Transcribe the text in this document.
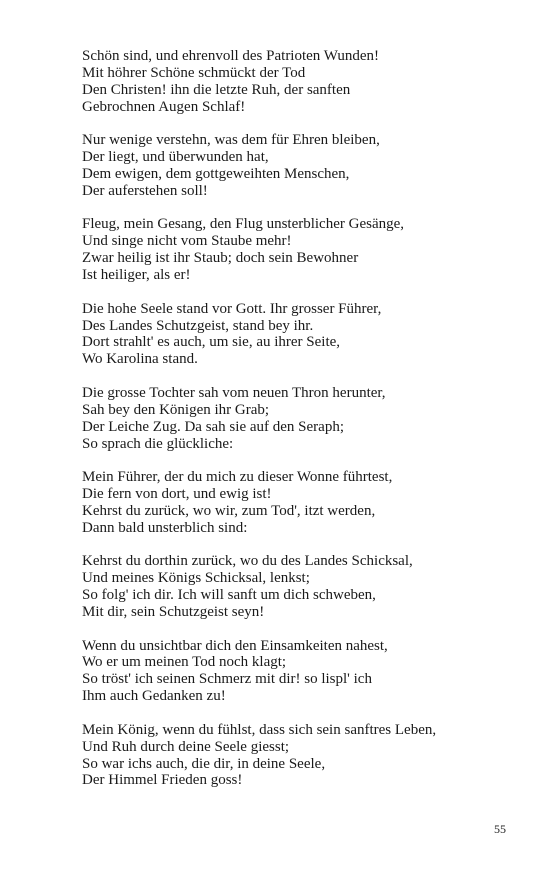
Schön sind, und ehrenvoll des Patrioten Wunden!
Mit höhrer Schöne schmückt der Tod
Den Christen! ihn die letzte Ruh, der sanften
Gebrochnen Augen Schlaf!
Nur wenige verstehn, was dem für Ehren bleiben,
Der liegt, und überwunden hat,
Dem ewigen, dem gottgeweihten Menschen,
Der auferstehen soll!
Fleug, mein Gesang, den Flug unsterblicher Gesänge,
Und singe nicht vom Staube mehr!
Zwar heilig ist ihr Staub; doch sein Bewohner
Ist heiliger, als er!
Die hohe Seele stand vor Gott. Ihr grosser Führer,
Des Landes Schutzgeist, stand bey ihr.
Dort strahlt' es auch, um sie, au ihrer Seite,
Wo Karolina stand.
Die grosse Tochter sah vom neuen Thron herunter,
Sah bey den Königen ihr Grab;
Der Leiche Zug. Da sah sie auf den Seraph;
So sprach die glückliche:
Mein Führer, der du mich zu dieser Wonne führtest,
Die fern von dort, und ewig ist!
Kehrst du zurück, wo wir, zum Tod', itzt werden,
Dann bald unsterblich sind:
Kehrst du dorthin zurück, wo du des Landes Schicksal,
Und meines Königs Schicksal, lenkst;
So folg' ich dir. Ich will sanft um dich schweben,
Mit dir, sein Schutzgeist seyn!
Wenn du unsichtbar dich den Einsamkeiten nahest,
Wo er um meinen Tod noch klagt;
So tröst' ich seinen Schmerz mit dir! so lispl' ich
Ihm auch Gedanken zu!
Mein König, wenn du fühlst, dass sich sein sanftres Leben,
Und Ruh durch deine Seele giesst;
So war ichs auch, die dir, in deine Seele,
Der Himmel Frieden goss!
55
